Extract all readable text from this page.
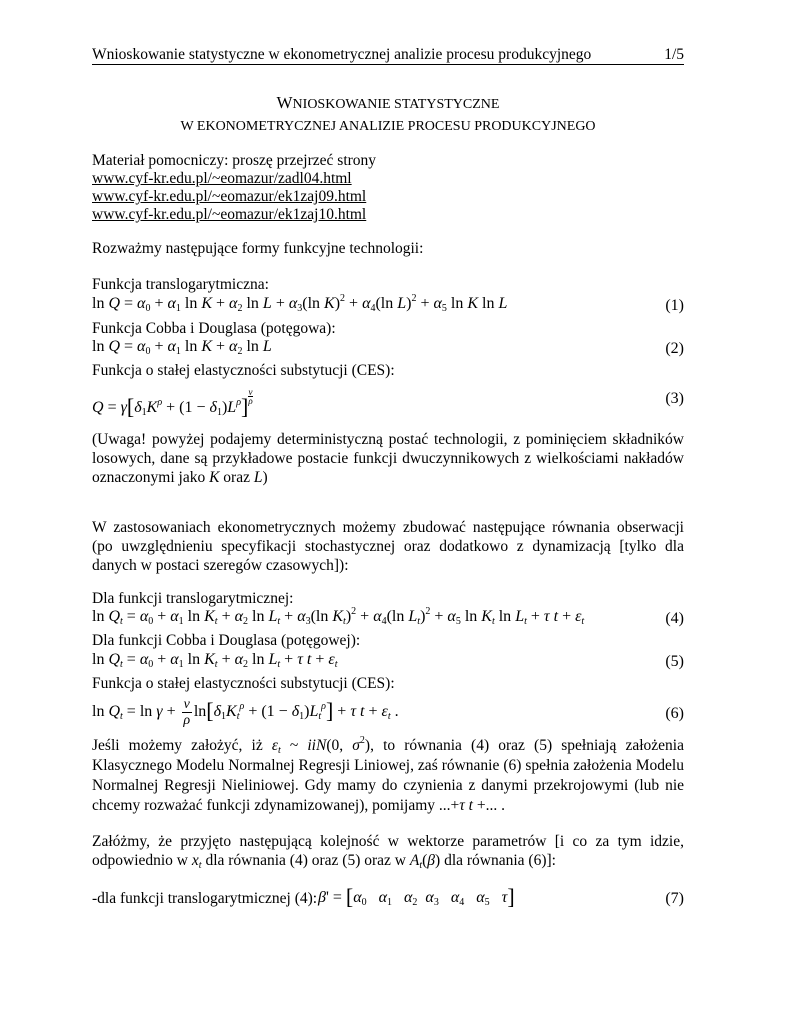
Wnioskowanie statystyczne w ekonometrycznej analizie procesu produkcyjnego	1/5
WNIOSKOWANIE STATYSTYCZNE
W EKONOMETRYCZNEJ ANALIZIE PROCESU PRODUKCYJNEGO
Materiał pomocniczy: proszę przejrzeć strony
www.cyf-kr.edu.pl/~eomazur/zadl04.html
www.cyf-kr.edu.pl/~eomazur/ek1zaj09.html
www.cyf-kr.edu.pl/~eomazur/ek1zaj10.html
Rozważmy następujące formy funkcyjne technologii:
Funkcja translogarytmiczna:
$\ln Q = \alpha_0 + \alpha_1$ $\ln K + \alpha_2$ $\ln L + \alpha_3(\ln$ $K)^2 + \alpha_4(\ln$ $L)^2 + \alpha_5$ ln K ln L	(1)
Funkcja Cobba i Douglasa (potęgowa):
$\ln Q = \alpha_0 + \alpha_1$ $\ln K + \alpha_2$ ln L	(2)
Funkcja o stałej elastyczności substytucji (CES):
$Q = \gamma[\delta_1K^\rho + (1 - \delta_1)L^\rho] \frac{\nu}{\rho}$	(3)
(Uwaga! powyżej podajemy deterministyczną postać technologii, z pominięciem składników losowych, dane są przykładowe postacie funkcji dwuczynnikowych z wielkościami nakładów oznaczonymi jako K oraz L)
W zastosowaniach ekonometrycznych możemy zbudować następujące równania obserwacji (po uwzględnieniu specyfikacji stochastycznej oraz dodatkowo z dynamizacją [tylko dla danych w postaci szeregów czasowych]):
Dla funkcji translogarytmicznej:
$\ln Q_t = \alpha_0 + \alpha_1$ $\ln K_t + \alpha_2$ $\ln L_t + \alpha_3(\ln$ $K_t)^2 + \alpha_4(\ln$ $L_t)^2 + \alpha_5$ $\ln K_t$ $\ln L_t + \tau$ $t + \varepsilon_t$	(4)
Dla funkcji Cobba i Douglasa (potęgowej):
$\ln Q_t = \alpha_0 + \alpha_1$ $\ln K_t + \alpha_2$ $\ln L_t + \tau$ $t + \varepsilon_t$	(5)
Funkcja o stałej elastyczności substytucji (CES):
$\ln Q_t = \ln \gamma + \frac{\nu}{\rho} \ln[\delta_1K_t^\rho + (1 - \delta_1)L_t^\rho] + \tau$ $t + \varepsilon_t$ .	(6)
Jeśli możemy założyć, iż $\varepsilon_t$ ~ iiN(0, $\sigma^2$), to równania (4) oraz (5) spełniają założenia Klasycznego Modelu Normalnej Regresji Liniowej, zaś równanie (6) spełnia założenia Modelu Normalnej Regresji Nieliniowej. Gdy mamy do czynienia z danymi przekrojowymi (lub nie chcemy rozważać funkcji zdynamizowanej), pomijamy ...+τ t +... .
Załóżmy, że przyjęto następującą kolejność w wektorze parametrów [i co za tym idzie, odpowiednio w $x_t$ dla równania (4) oraz (5) oraz w $A_t(\beta)$ dla równania (6)]:
-dla funkcji translogarytmicznej (4): $\beta' = [\alpha_0$ $\alpha_1$ $\alpha_2$ $\alpha_3$ $\alpha_4$ $\alpha_5$ τ]	(7)
